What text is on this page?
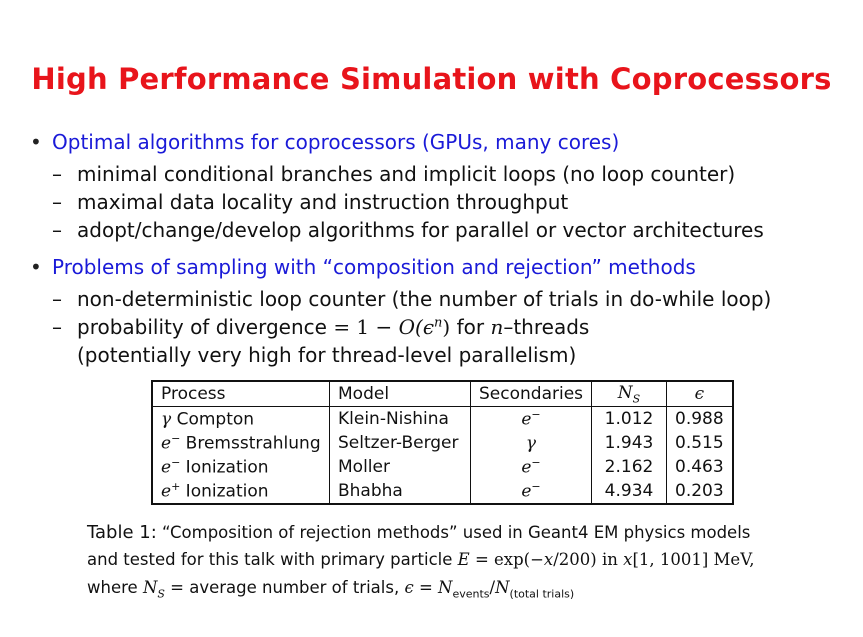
High Performance Simulation with Coprocessors
• Optimal algorithms for coprocessors (GPUs, many cores)
– minimal conditional branches and implicit loops (no loop counter)
– maximal data locality and instruction throughput
– adopt/change/develop algorithms for parallel or vector architectures
• Problems of sampling with “composition and rejection” methods
– non-deterministic loop counter (the number of trials in do-while loop)
– probability of divergence = $1 - O(\epsilon^n)$ for n–threads
(potentially very high for thread-level parallelism)
Process	Model	Secondaries	$N_S$	ϵ
γ Compton	Klein-Nishina	e−	1.012	0.988
e− Bremsstrahlung	Seltzer-Berger	γ	1.943	0.515
e− Ionization	Moller	e−	2.162	0.463
e+ Ionization	Bhabha	e−	4.934	0.203
Table 1: “Composition of rejection methods” used in Geant4 EM physics models
and tested for this talk with primary particle E = exp(−x/200) in x[1, 1001] MeV,
where $N_S$ = average number of trials, $\epsilon = N_{events}/N_{(total trials)}$
